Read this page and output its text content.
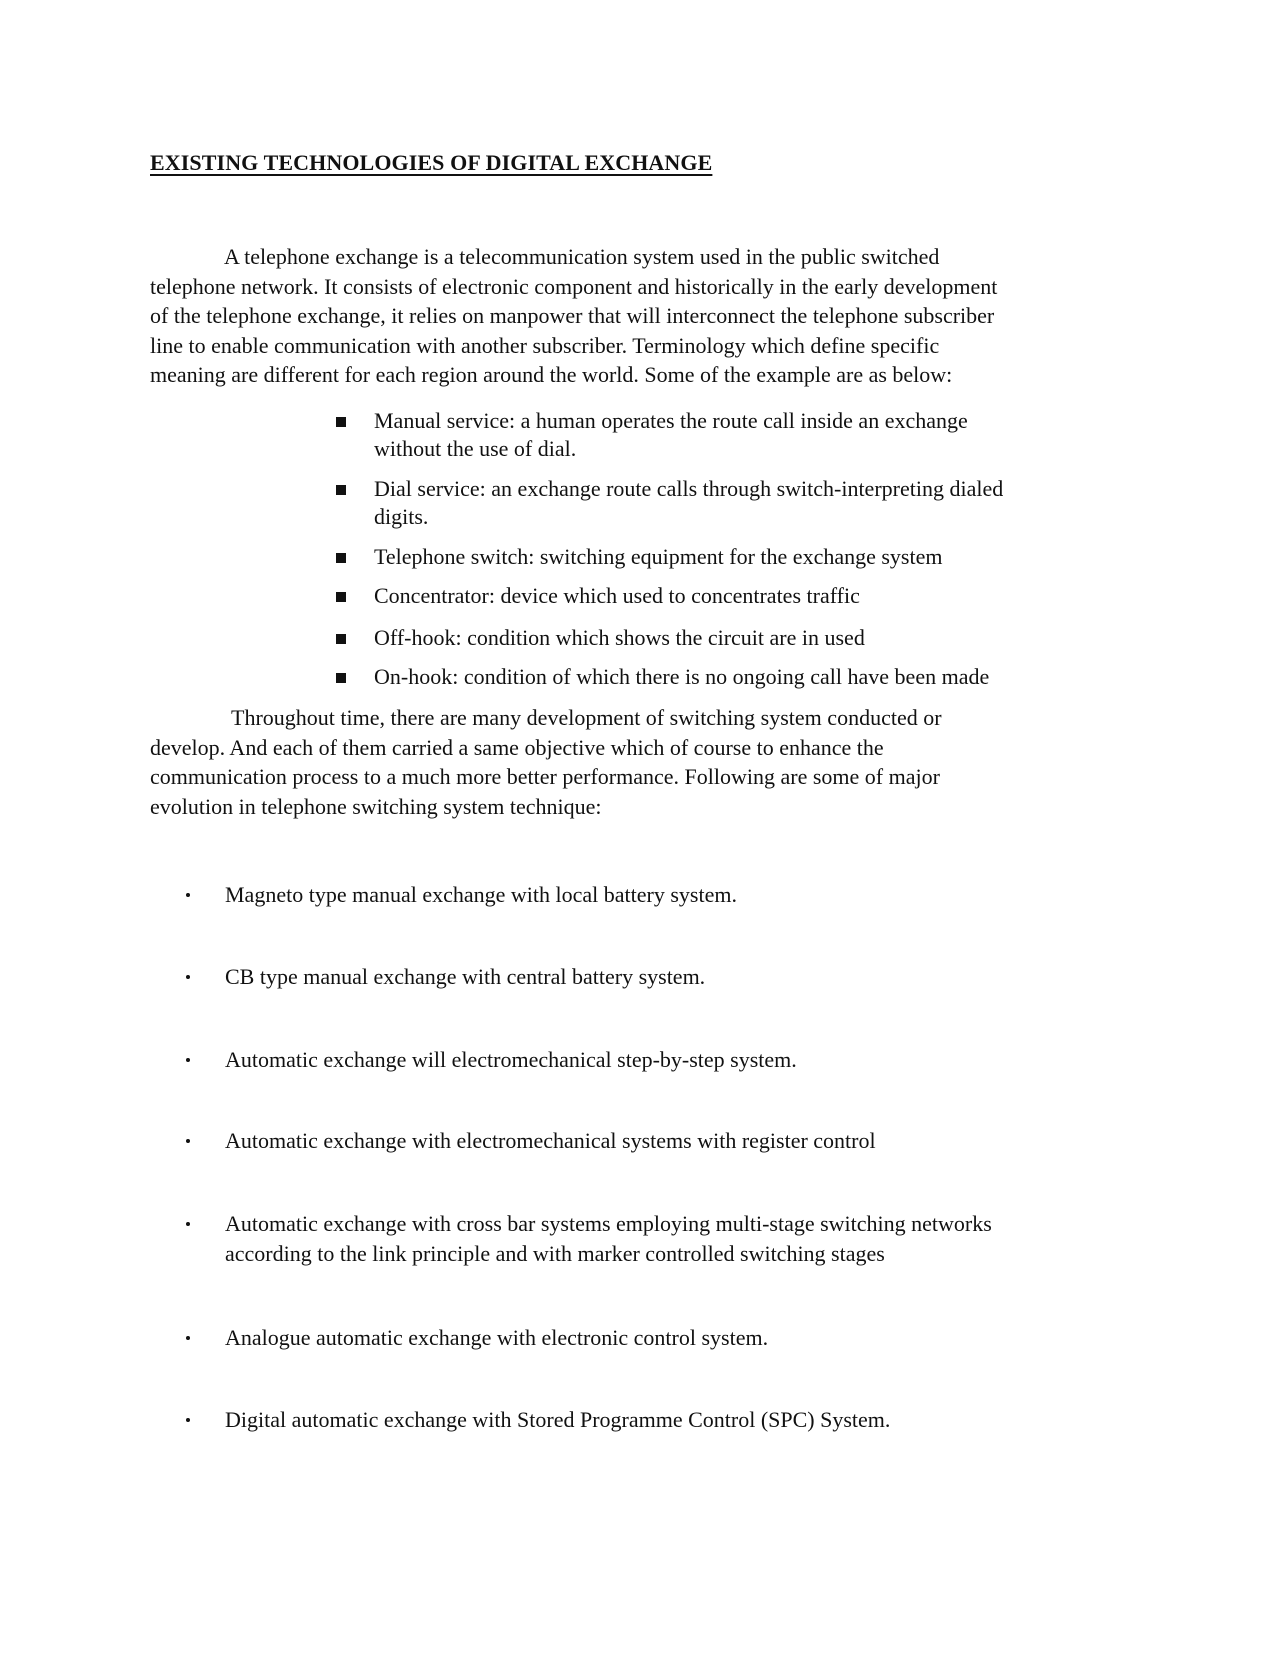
EXISTING TECHNOLOGIES OF DIGITAL EXCHANGE

A telephone exchange is a telecommunication system used in the public switched
telephone network. It consists of electronic component and historically in the early development
of the telephone exchange, it relies on manpower that will interconnect the telephone subscriber
line to enable communication with another subscriber. Terminology which define specific
meaning are different for each region around the world. Some of the example are as below:

Manual service: a human operates the route call inside an exchange
without the use of dial.
Dial service: an exchange route calls through switch-interpreting dialed
digits.
Telephone switch: switching equipment for the exchange system
Concentrator: device which used to concentrates traffic
Off-hook: condition which shows the circuit are in used
On-hook: condition of which there is no ongoing call have been made

Throughout time, there are many development of switching system conducted or
develop. And each of them carried a same objective which of course to enhance the
communication process to a much more better performance. Following are some of major
evolution in telephone switching system technique:

Magneto type manual exchange with local battery system.
CB type manual exchange with central battery system.
Automatic exchange will electromechanical step-by-step system.
Automatic exchange with electromechanical systems with register control
Automatic exchange with cross bar systems employing multi-stage switching networks
according to the link principle and with marker controlled switching stages
Analogue automatic exchange with electronic control system.
Digital automatic exchange with Stored Programme Control (SPC) System.
